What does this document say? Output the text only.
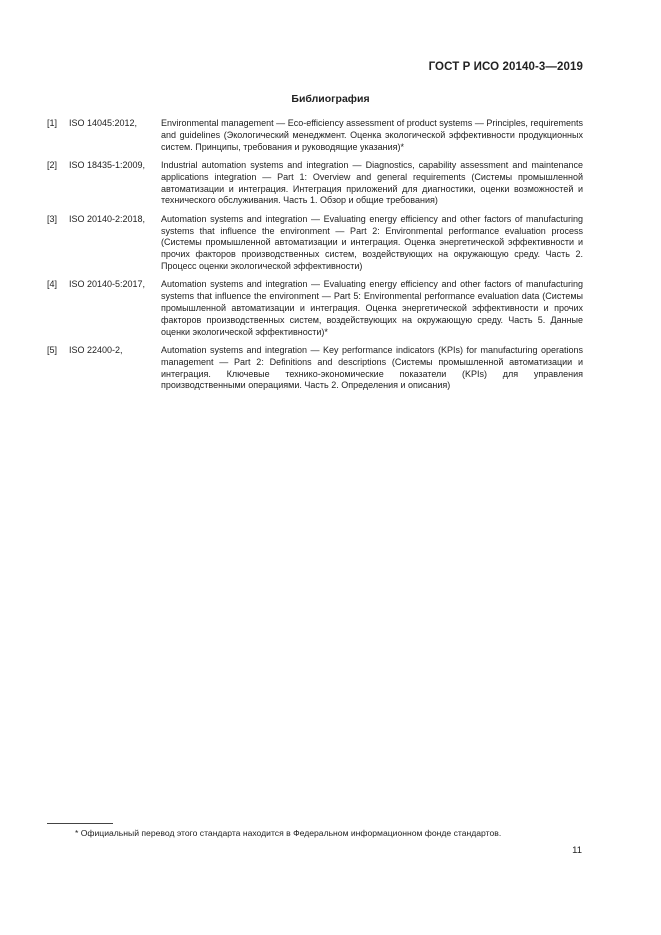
ГОСТ Р ИСО 20140-3—2019
Библиография
[1]	ISO 14045:2012,	Environmental management — Eco-efficiency assessment of product systems — Principles, requirements and guidelines (Экологический менеджмент. Оценка экологической эффективности продукционных систем. Принципы, требования и руководящие указания)*
[2]	ISO 18435-1:2009,	Industrial automation systems and integration — Diagnostics, capability assessment and maintenance applications integration — Part 1: Overview and general requirements (Системы промышленной автоматизации и интеграция. Интеграция приложений для диагностики, оценки возможностей и технического обслуживания. Часть 1. Обзор и общие требования)
[3]	ISO 20140-2:2018,	Automation systems and integration — Evaluating energy efficiency and other factors of manufacturing systems that influence the environment — Part 2: Environmental performance evaluation process (Системы промышленной автоматизации и интеграция. Оценка энергетической эффективности и прочих факторов производственных систем, воздействующих на окружающую среду. Часть 2. Процесс оценки экологической эффективности)
[4]	ISO 20140-5:2017,	Automation systems and integration — Evaluating energy efficiency and other factors of manufacturing systems that influence the environment — Part 5: Environmental performance evaluation data (Системы промышленной автоматизации и интеграция. Оценка энергетической эффективности и прочих факторов производственных систем, воздействующих на окружающую среду. Часть 5. Данные оценки экологической эффективности)*
[5]	ISO 22400-2,	Automation systems and integration — Key performance indicators (KPIs) for manufacturing operations management — Part 2: Definitions and descriptions (Системы промышленной автоматизации и интеграция. Ключевые технико-экономические показатели (KPIs) для управления производственными операциями. Часть 2. Определения и описания)
* Официальный перевод этого стандарта находится в Федеральном информационном фонде стандартов.
11
